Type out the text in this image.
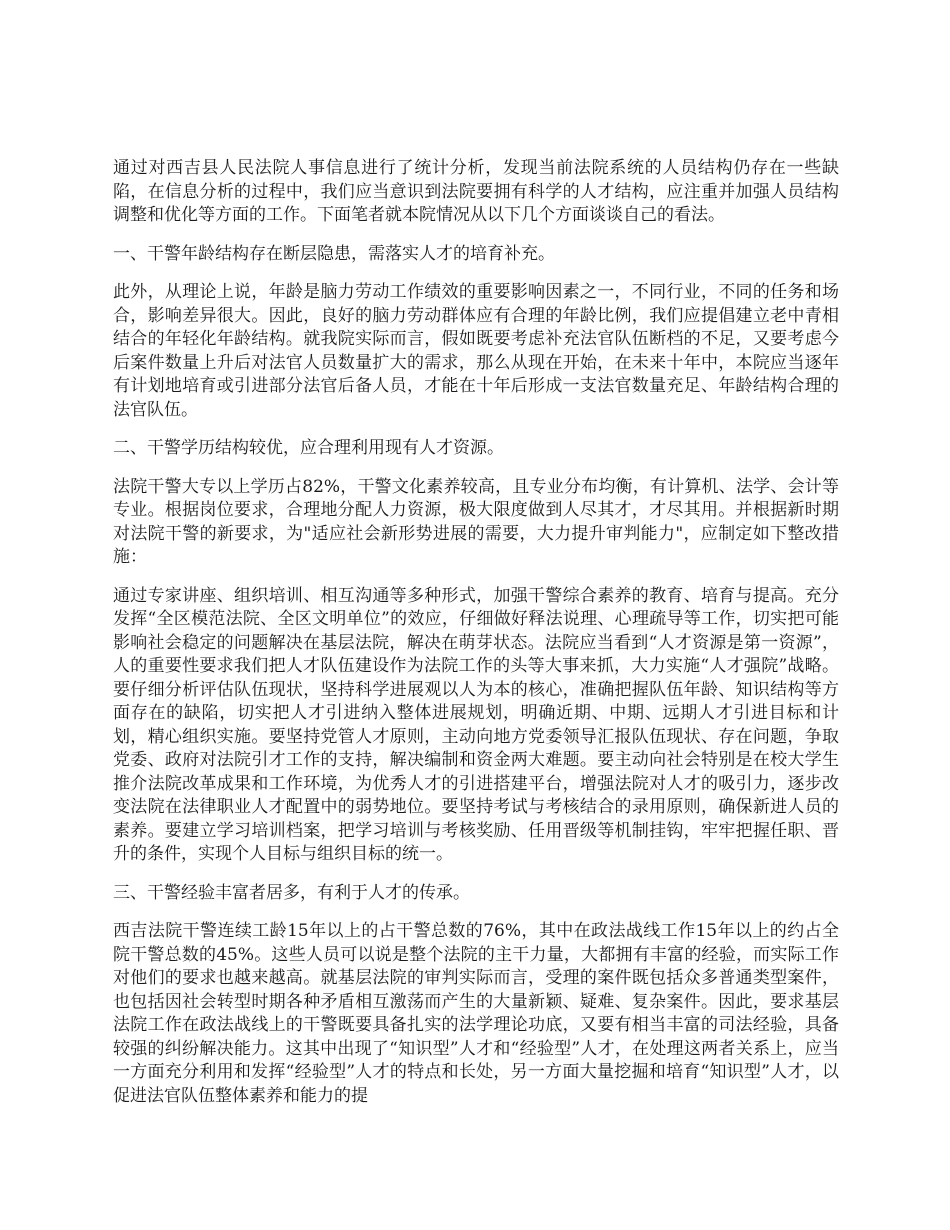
通过对西吉县人民法院人事信息进行了统计分析，发现当前法院系统的人员结构仍存在一些缺陷，在信息分析的过程中，我们应当意识到法院要拥有科学的人才结构，应注重并加强人员结构调整和优化等方面的工作。下面笔者就本院情况从以下几个方面谈谈自己的看法。

一、干警年龄结构存在断层隐患，需落实人才的培育补充。

此外，从理论上说，年龄是脑力劳动工作绩效的重要影响因素之一，不同行业，不同的任务和场合，影响差异很大。因此，良好的脑力劳动群体应有合理的年龄比例，我们应提倡建立老中青相结合的年轻化年龄结构。就我院实际而言，假如既要考虑补充法官队伍断档的不足，又要考虑今后案件数量上升后对法官人员数量扩大的需求，那么从现在开始，在未来十年中，本院应当逐年有计划地培育或引进部分法官后备人员，才能在十年后形成一支法官数量充足、年龄结构合理的法官队伍。

二、干警学历结构较优，应合理利用现有人才资源。

法院干警大专以上学历占82%，干警文化素养较高，且专业分布均衡，有计算机、法学、会计等专业。根据岗位要求，合理地分配人力资源，极大限度做到人尽其才，才尽其用。并根据新时期对法院干警的新要求，为"适应社会新形势进展的需要，大力提升审判能力"，应制定如下整改措施：

通过专家讲座、组织培训、相互沟通等多种形式，加强干警综合素养的教育、培育与提高。充分发挥“全区模范法院、全区文明单位”的效应，仔细做好释法说理、心理疏导等工作，切实把可能影响社会稳定的问题解决在基层法院，解决在萌芽状态。法院应当看到“人才资源是第一资源”，人的重要性要求我们把人才队伍建设作为法院工作的头等大事来抓，大力实施“人才强院”战略。要仔细分析评估队伍现状，坚持科学进展观以人为本的核心，准确把握队伍年龄、知识结构等方面存在的缺陷，切实把人才引进纳入整体进展规划，明确近期、中期、远期人才引进目标和计划，精心组织实施。要坚持党管人才原则，主动向地方党委领导汇报队伍现状、存在问题，争取党委、政府对法院引才工作的支持，解决编制和资金两大难题。要主动向社会特别是在校大学生推介法院改革成果和工作环境，为优秀人才的引进搭建平台，增强法院对人才的吸引力，逐步改变法院在法律职业人才配置中的弱势地位。要坚持考试与考核结合的录用原则，确保新进人员的素养。要建立学习培训档案，把学习培训与考核奖励、任用晋级等机制挂钩，牢牢把握任职、晋升的条件，实现个人目标与组织目标的统一。

三、干警经验丰富者居多，有利于人才的传承。

西吉法院干警连续工龄15年以上的占干警总数的76%，其中在政法战线工作15年以上的约占全院干警总数的45%。这些人员可以说是整个法院的主干力量，大都拥有丰富的经验，而实际工作对他们的要求也越来越高。就基层法院的审判实际而言，受理的案件既包括众多普通类型案件，也包括因社会转型时期各种矛盾相互激荡而产生的大量新颖、疑难、复杂案件。因此，要求基层法院工作在政法战线上的干警既要具备扎实的法学理论功底，又要有相当丰富的司法经验，具备较强的纠纷解决能力。这其中出现了“知识型”人才和“经验型”人才，在处理这两者关系上，应当一方面充分利用和发挥“经验型”人才的特点和长处，另一方面大量挖掘和培育“知识型”人才，以促进法官队伍整体素养和能力的提
